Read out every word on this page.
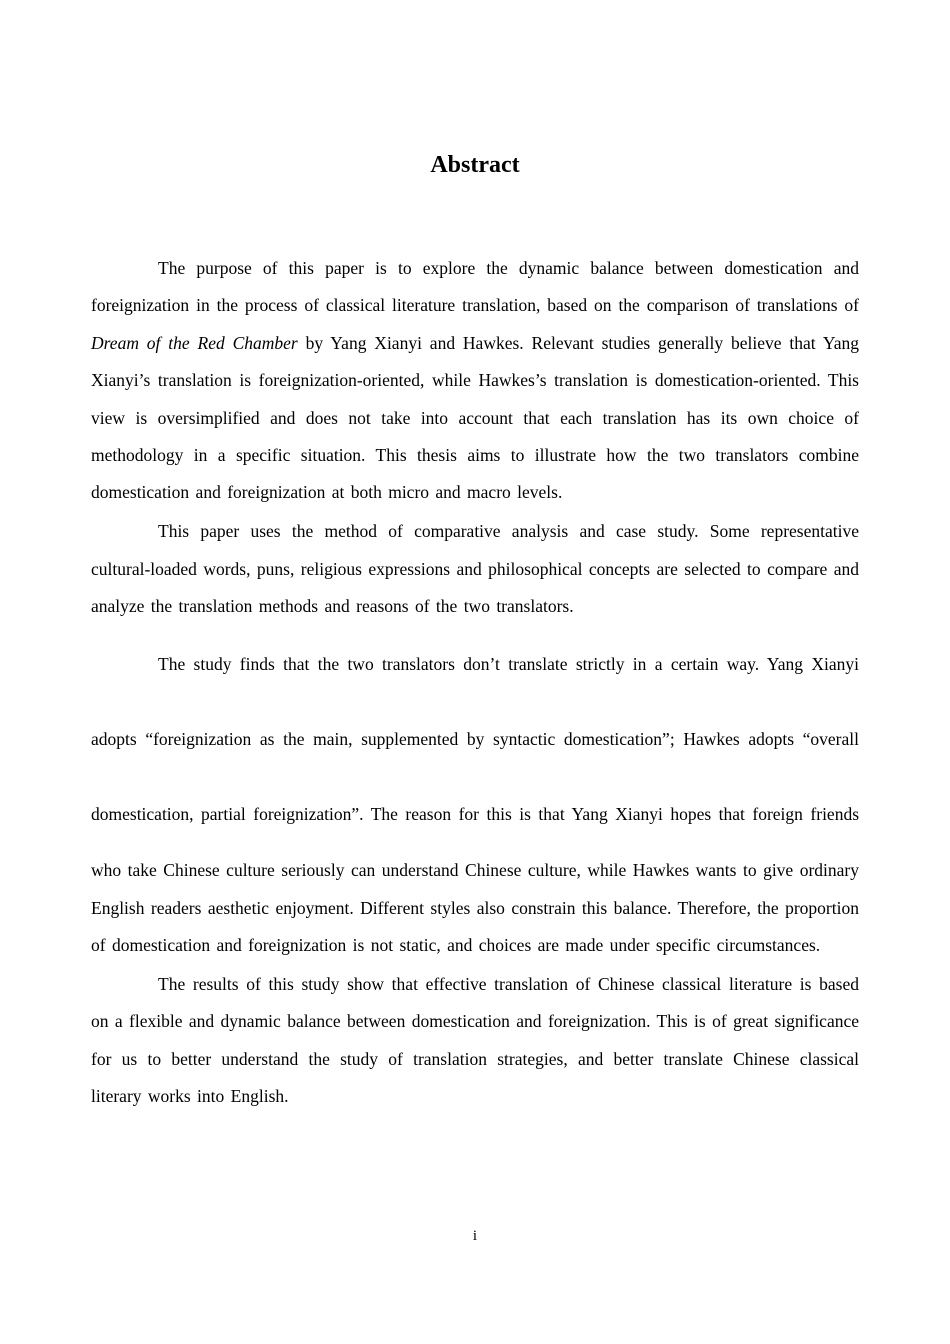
Abstract

The purpose of this paper is to explore the dynamic balance between domestication and foreignization in the process of classical literature translation, based on the comparison of translations of Dream of the Red Chamber by Yang Xianyi and Hawkes. Relevant studies generally believe that Yang Xianyi’s translation is foreignization-oriented, while Hawkes’s translation is domestication-oriented. This view is oversimplified and does not take into account that each translation has its own choice of methodology in a specific situation. This thesis aims to illustrate how the two translators combine domestication and foreignization at both micro and macro levels.

This paper uses the method of comparative analysis and case study. Some representative cultural-loaded words, puns, religious expressions and philosophical concepts are selected to compare and analyze the translation methods and reasons of the two translators.

The study finds that the two translators don’t translate strictly in a certain way. Yang Xianyi adopts “foreignization as the main, supplemented by syntactic domestication”; Hawkes adopts “overall domestication, partial foreignization”. The reason for this is that Yang Xianyi hopes that foreign friends who take Chinese culture seriously can understand Chinese culture, while Hawkes wants to give ordinary English readers aesthetic enjoyment. Different styles also constrain this balance. Therefore, the proportion of domestication and foreignization is not static, and choices are made under specific circumstances.

The results of this study show that effective translation of Chinese classical literature is based on a flexible and dynamic balance between domestication and foreignization. This is of great significance for us to better understand the study of translation strategies, and better translate Chinese classical literary works into English.

i
